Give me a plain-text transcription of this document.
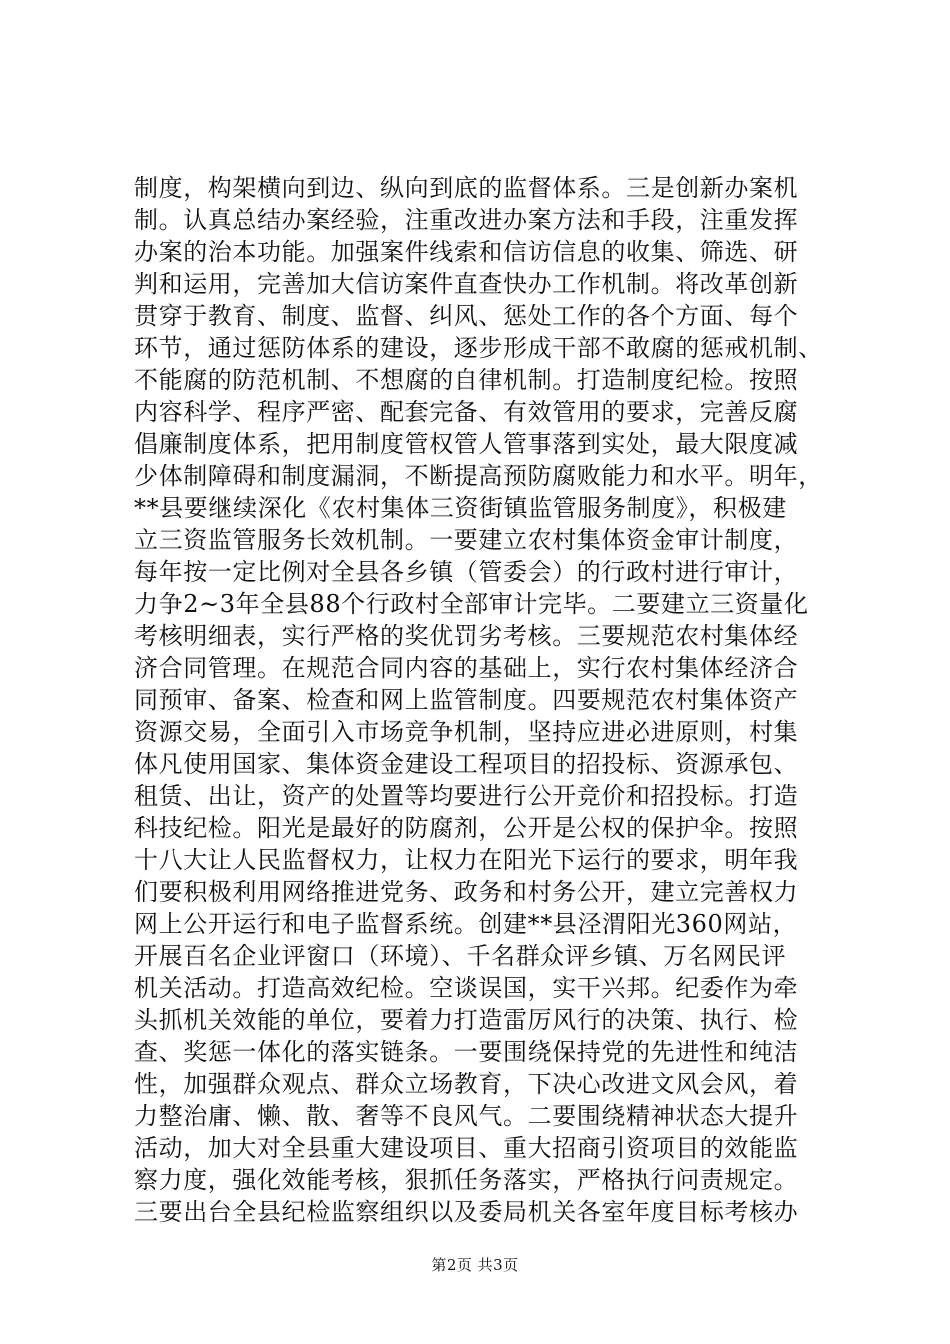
制度，构架横向到边、纵向到底的监督体系。三是创新办案机
制。认真总结办案经验，注重改进办案方法和手段，注重发挥
办案的治本功能。加强案件线索和信访信息的收集、筛选、研
判和运用，完善加大信访案件直查快办工作机制。将改革创新
贯穿于教育、制度、监督、纠风、惩处工作的各个方面、每个
环节，通过惩防体系的建设，逐步形成干部不敢腐的惩戒机制、
不能腐的防范机制、不想腐的自律机制。打造制度纪检。按照
内容科学、程序严密、配套完备、有效管用的要求，完善反腐
倡廉制度体系，把用制度管权管人管事落到实处，最大限度减
少体制障碍和制度漏洞，不断提高预防腐败能力和水平。明年，
**县要继续深化《农村集体三资街镇监管服务制度》，积极建
立三资监管服务长效机制。一要建立农村集体资金审计制度，
每年按一定比例对全县各乡镇（管委会）的行政村进行审计，
力争2~3年全县88个行政村全部审计完毕。二要建立三资量化
考核明细表，实行严格的奖优罚劣考核。三要规范农村集体经
济合同管理。在规范合同内容的基础上，实行农村集体经济合
同预审、备案、检查和网上监管制度。四要规范农村集体资产
资源交易，全面引入市场竞争机制，坚持应进必进原则，村集
体凡使用国家、集体资金建设工程项目的招投标、资源承包、
租赁、出让，资产的处置等均要进行公开竞价和招投标。打造
科技纪检。阳光是最好的防腐剂，公开是公权的保护伞。按照
十八大让人民监督权力，让权力在阳光下运行的要求，明年我
们要积极利用网络推进党务、政务和村务公开，建立完善权力
网上公开运行和电子监督系统。创建**县泾渭阳光360网站，
开展百名企业评窗口（环境）、千名群众评乡镇、万名网民评
机关活动。打造高效纪检。空谈误国，实干兴邦。纪委作为牵
头抓机关效能的单位，要着力打造雷厉风行的决策、执行、检
查、奖惩一体化的落实链条。一要围绕保持党的先进性和纯洁
性，加强群众观点、群众立场教育，下决心改进文风会风，着
力整治庸、懒、散、奢等不良风气。二要围绕精神状态大提升
活动，加大对全县重大建设项目、重大招商引资项目的效能监
察力度，强化效能考核，狠抓任务落实，严格执行问责规定。
三要出台全县纪检监察组织以及委局机关各室年度目标考核办
第2页 共3页
